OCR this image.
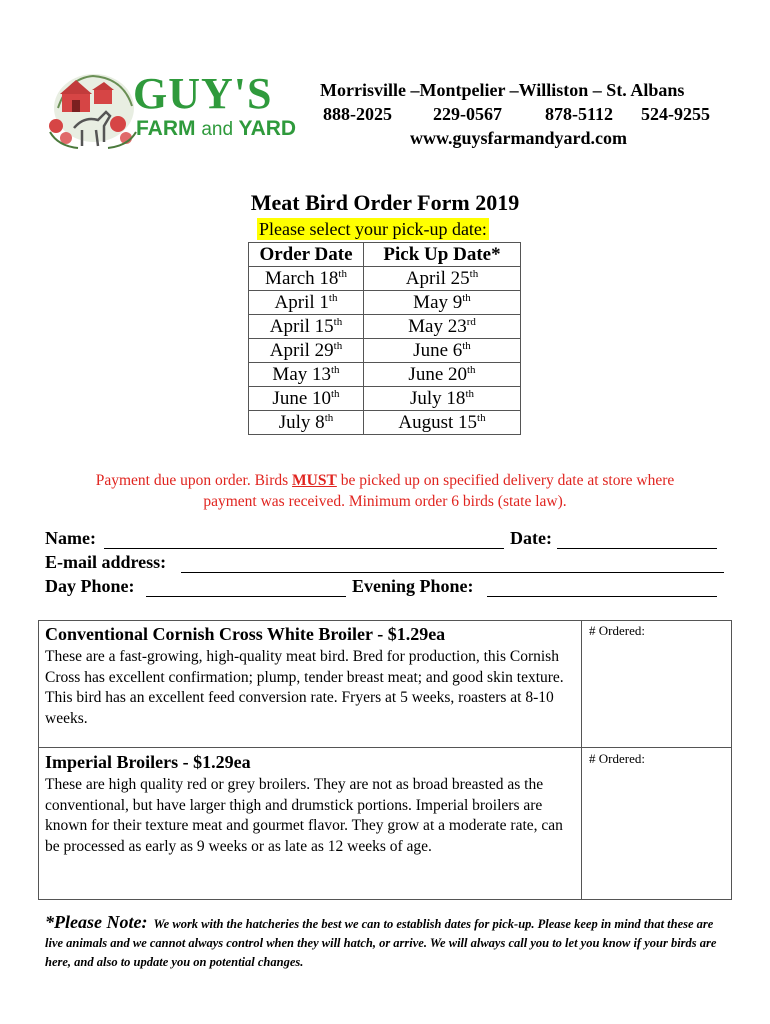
GUY'S
FARM and YARD
Morrisville –Montpelier –Williston – St. Albans

888-2025

229-0567

878-5112

524-9255

www.guysfarmandyard.com
Meat Bird Order Form 2019
Please select your pick-up date:
Order Date	Pick Up Date*
March 18th	April 25th
April 1th	May 9th
April 15th	May 23rd
April 29th	June 6th
May 13th	June 20th
June 10th	July 18th
July 8th	August 15th
Payment due upon order. Birds MUST be picked up on specified delivery date at store where
payment was received. Minimum order 6 birds (state law).
Name:	Date:
E-mail address:
Day Phone:	Evening Phone:
Conventional Cornish Cross White Broiler - $1.29ea
These are a fast-growing, high-quality meat bird. Bred for production, this Cornish Cross has excellent confirmation; plump, tender breast meat; and good skin texture. This bird has an excellent feed conversion rate. Fryers at 5 weeks, roasters at 8-10 weeks.
# Ordered:
Imperial Broilers - $1.29ea
These are high quality red or grey broilers. They are not as broad breasted as the conventional, but have larger thigh and drumstick portions. Imperial broilers are known for their texture meat and gourmet flavor. They grow at a moderate rate, can be processed as early as 9 weeks or as late as 12 weeks of age.
# Ordered:
*Please Note: We work with the hatcheries the best we can to establish dates for pick-up. Please keep in mind that these are live animals and we cannot always control when they will hatch, or arrive. We will always call you to let you know if your birds are here, and also to update you on potential changes.
